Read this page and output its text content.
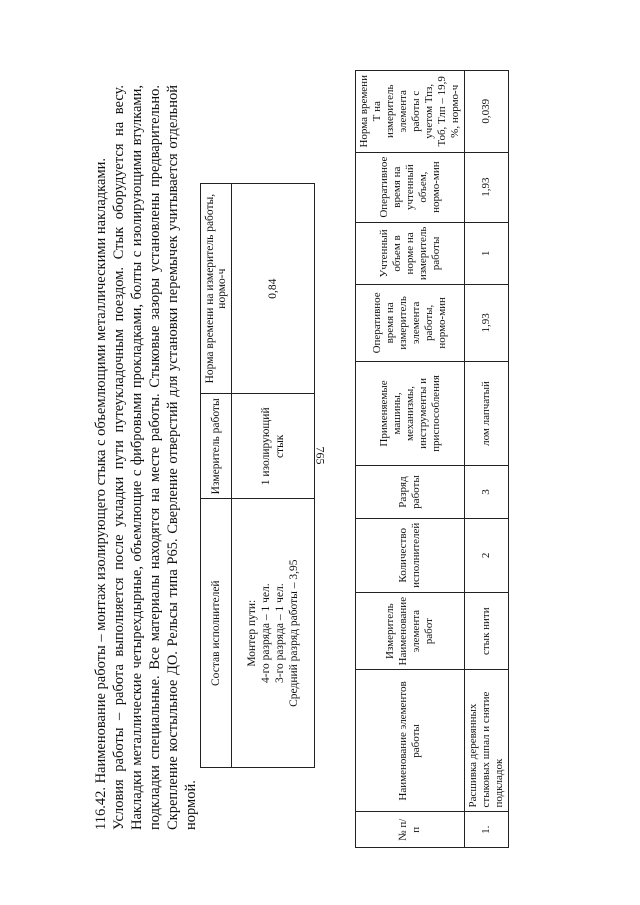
765

116.42. Наименование работы – монтаж изолирующего стыка с объемлющими металлическими накладками. Условия работы – работа выполняется после укладки пути путеукладочным поездом. Стык оборудуется на весу. Накладки металлические четырехдырные, объемлющие с фибровыми прокладками, болты с изолирующими втулками, подкладки специальные. Все материалы находятся на месте работы. Стыковые зазоры установлены предварительно. Скрепление костыльное ДО. Рельсы типа Р65. Сверление отверстий для установки перемычек учитывается отдельной нормой.

Состав исполнителей	Измеритель работы	Норма времени на измеритель работы, нормо-ч

Монтер пути: 4-го разряда – 1 чел. 3-го разряда – 1 чел. Средний разряд работы – 3,95	1 изолирующий стык	0,84
№ п/п	Наименование элементов работы	Измеритель Наименование элемента работ	Количество исполнителей	Разряд работы	Применяемые машины, механизмы, инструменты и приспособления	Оперативное время на измеритель элемента работы, нормо-мин	Учтенный объем в норме на измеритель работы	Оперативное время на учтенный объем, нормо-мин	Норма времени Т на измеритель элемента работы с учетом Тпз, Тоб, Тлп – 19,9 %, нормо-ч
1.	Расшивка деревянных стыковых шпал и снятие подкладок	стык нити	2	3	лом лапчатый	1,93	1	1,93	0,039
